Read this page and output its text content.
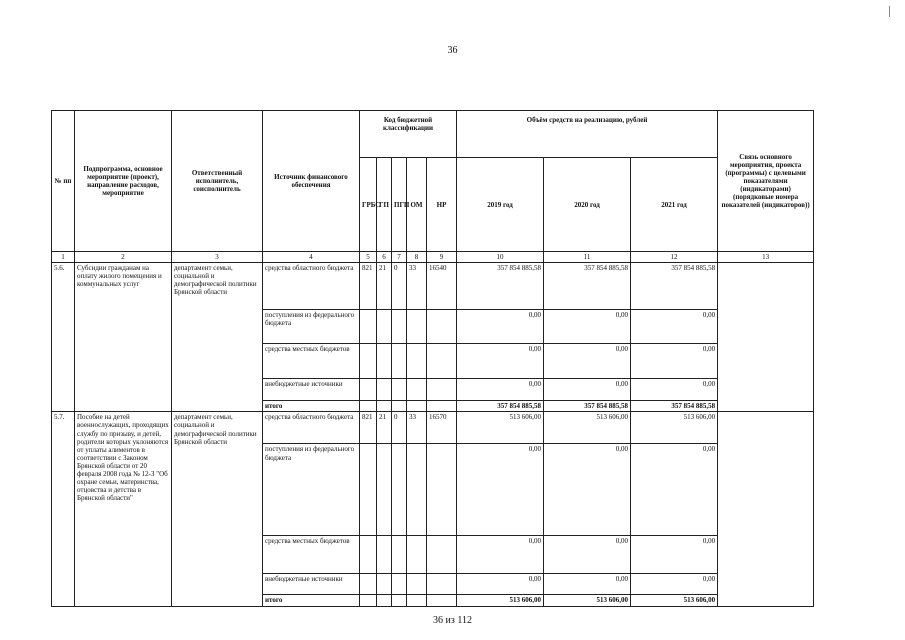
36
№ пп	Подпрограмма, основное мероприятие (проект), направление расходов, мероприятие	Ответственный исполнитель, соисполнитель	Источник финансового обеспечения	Код бюджетной классификации					Объём средств на реализацию, рублей			Связь основного мероприятия, проекта (программы) с целевыми показателями (индикаторами) (порядковые номера показателей (индикаторов))
				ГРБС	ГП	ПГП	ОМ	НР	2019 год	2020 год	2021 год	
1	2	3	4	5	6	7	8	9	10	11	12	13
5.6.	Субсидии гражданам на оплату жилого помещения и коммунальных услуг	департамент семьи, социальной и демографической политики Брянской области	средства областного бюджета	821	21	0	33	16540	357 854 885,58	357 854 885,58	357 854 885,58	
			поступления из федерального бюджета						0,00	0,00	0,00	
			средства местных бюджетов						0,00	0,00	0,00	
			внебюджетные источники						0,00	0,00	0,00	
			итого						357 854 885,58	357 854 885,58	357 854 885,58	
5.7.	Пособие на детей военнослужащих, проходящих службу по призыву, и детей, родители которых уклоняются от уплаты алиментов в соответствии с Законом Брянской области от 20 февраля 2008 года № 12-З "Об охране семьи, материнства, отцовства и детства в Брянской области"	департамент семьи, социальной и демографической политики Брянской области	средства областного бюджета	821	21	0	33	16570	513 606,00	513 606,00	513 606,00	
			поступления из федерального бюджета						0,00	0,00	0,00	
			средства местных бюджетов						0,00	0,00	0,00	
			внебюджетные источники						0,00	0,00	0,00	
			итого						513 606,00	513 606,00	513 606,00	
36 из 112
